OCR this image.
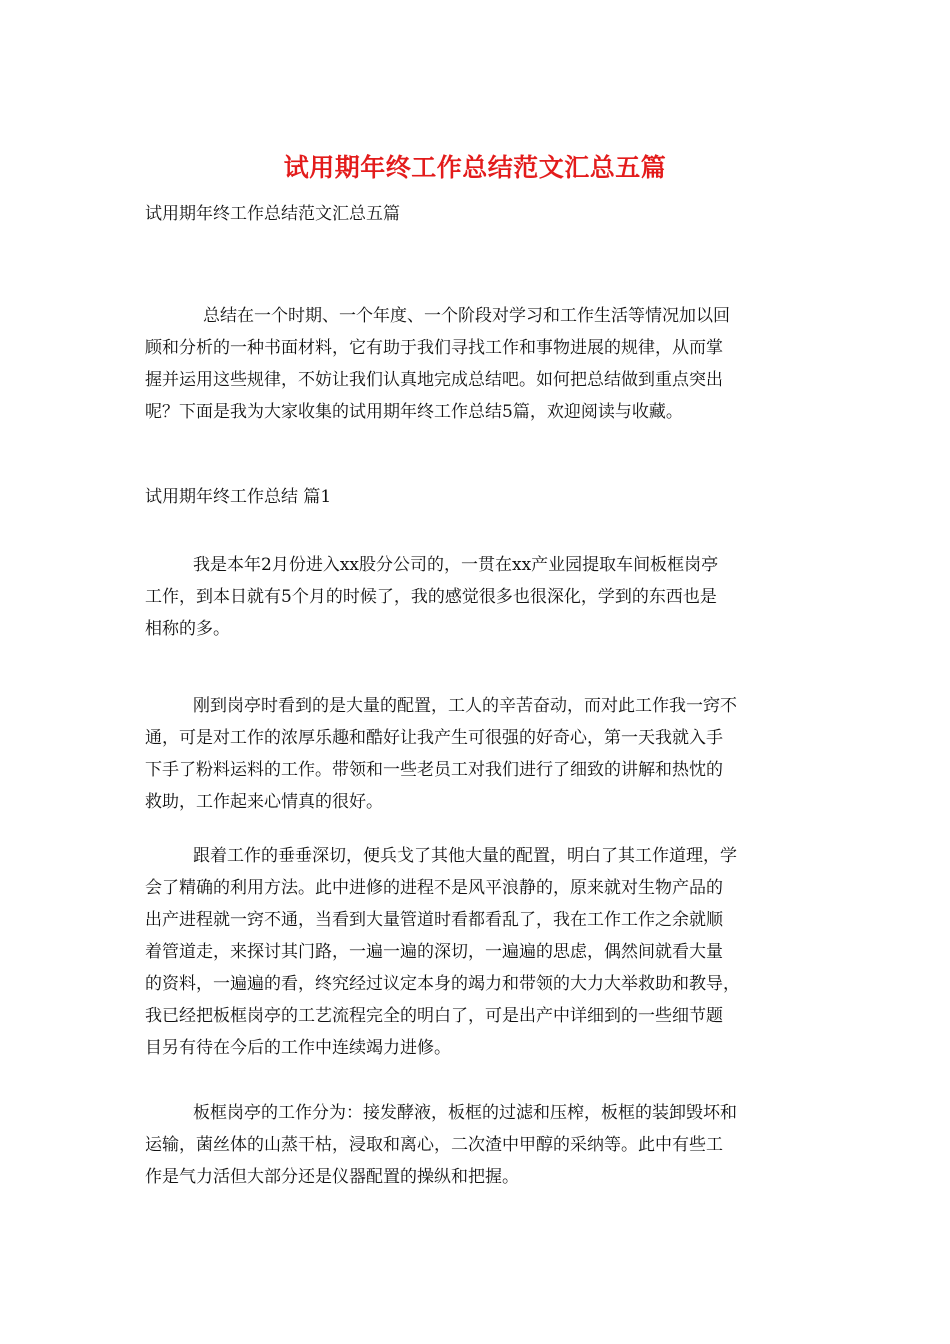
试用期年终工作总结范文汇总五篇
试用期年终工作总结范文汇总五篇
总结在一个时期、一个年度、一个阶段对学习和工作生活等情况加以回
顾和分析的一种书面材料，它有助于我们寻找工作和事物进展的规律，从而掌
握并运用这些规律，不妨让我们认真地完成总结吧。如何把总结做到重点突出
呢？下面是我为大家收集的试用期年终工作总结5篇，欢迎阅读与收藏。
试用期年终工作总结 篇1
我是本年2月份进入xx股分公司的，一贯在xx产业园提取车间板框岗亭
工作，到本日就有5个月的时候了，我的感觉很多也很深化，学到的东西也是
相称的多。
刚到岗亭时看到的是大量的配置，工人的辛苦奋动，而对此工作我一窍不
通，可是对工作的浓厚乐趣和酷好让我产生可很强的好奇心，第一天我就入手
下手了粉料运料的工作。带领和一些老员工对我们进行了细致的讲解和热忱的
救助，工作起来心情真的很好。
跟着工作的垂垂深切，便兵戈了其他大量的配置，明白了其工作道理，学
会了精确的利用方法。此中进修的进程不是风平浪静的，原来就对生物产品的
出产进程就一窍不通，当看到大量管道时看都看乱了，我在工作工作之余就顺
着管道走，来探讨其门路，一遍一遍的深切，一遍遍的思虑，偶然间就看大量
的资料，一遍遍的看，终究经过议定本身的竭力和带领的大力大举救助和教导，
我已经把板框岗亭的工艺流程完全的明白了，可是出产中详细到的一些细节题
目另有待在今后的工作中连续竭力进修。
板框岗亭的工作分为：接发酵液，板框的过滤和压榨，板框的装卸毁坏和
运输，菌丝体的山蒸干枯，浸取和离心，二次渣中甲醇的采纳等。此中有些工
作是气力活但大部分还是仪器配置的操纵和把握。
